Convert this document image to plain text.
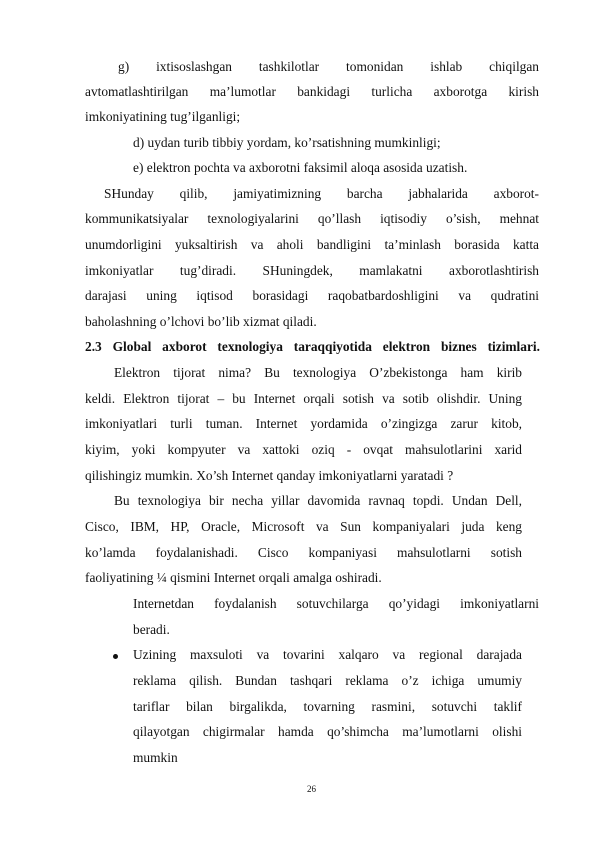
g) ixtisoslashgan tashkilotlar tomonidan ishlab chiqilgan
avtomatlashtirilgan ma’lumotlar bankidagi turlicha axborotga kirish
imkoniyatining tug’ilganligi;
d) uydan turib tibbiy yordam, ko’rsatishning mumkinligi;
e) elektron pochta va axborotni faksimil aloqa asosida uzatish.
SHunday qilib, jamiyatimizning barcha jabhalarida axborot-
kommunikatsiyalar texnologiyalarini qo’llash iqtisodiy o’sish, mehnat
unumdorligini yuksaltirish va aholi bandligini ta’minlash borasida katta
imkoniyatlar tug’diradi. SHuningdek, mamlakatni axborotlashtirish
darajasi uning iqtisod borasidagi raqobatbardoshligini va qudratini
baholashning o’lchovi bo’lib xizmat qiladi.
2.3 Global axborot texnologiya taraqqiyotida elektron biznes tizimlari.
Elektron tijorat nima? Bu texnologiya O’zbekistonga ham kirib
keldi. Elektron tijorat – bu Internet orqali sotish va sotib olishdir. Uning
imkoniyatlari turli tuman. Internet yordamida o’zingizga zarur kitob,
kiyim, yoki kompyuter va xattoki oziq - ovqat mahsulotlarini xarid
qilishingiz mumkin. Xo’sh Internet qanday imkoniyatlarni yaratadi ?
Bu texnologiya bir necha yillar davomida ravnaq topdi. Undan Dell,
Cisco, IBM, HP, Oracle, Microsoft va Sun kompaniyalari juda keng
ko’lamda foydalanishadi. Cisco kompaniyasi mahsulotlarni sotish
faoliyatining ¼ qismini Internet orqali amalga oshiradi.
Internetdan foydalanish sotuvchilarga qo’yidagi imkoniyatlarni
beradi.
Uzining maxsuloti va tovarini xalqaro va regional darajada
reklama qilish. Bundan tashqari reklama o’z ichiga umumiy
tariflar bilan birgalikda, tovarning rasmini, sotuvchi taklif
qilayotgan chigirmalar hamda qo’shimcha ma’lumotlarni olishi
mumkin
26
